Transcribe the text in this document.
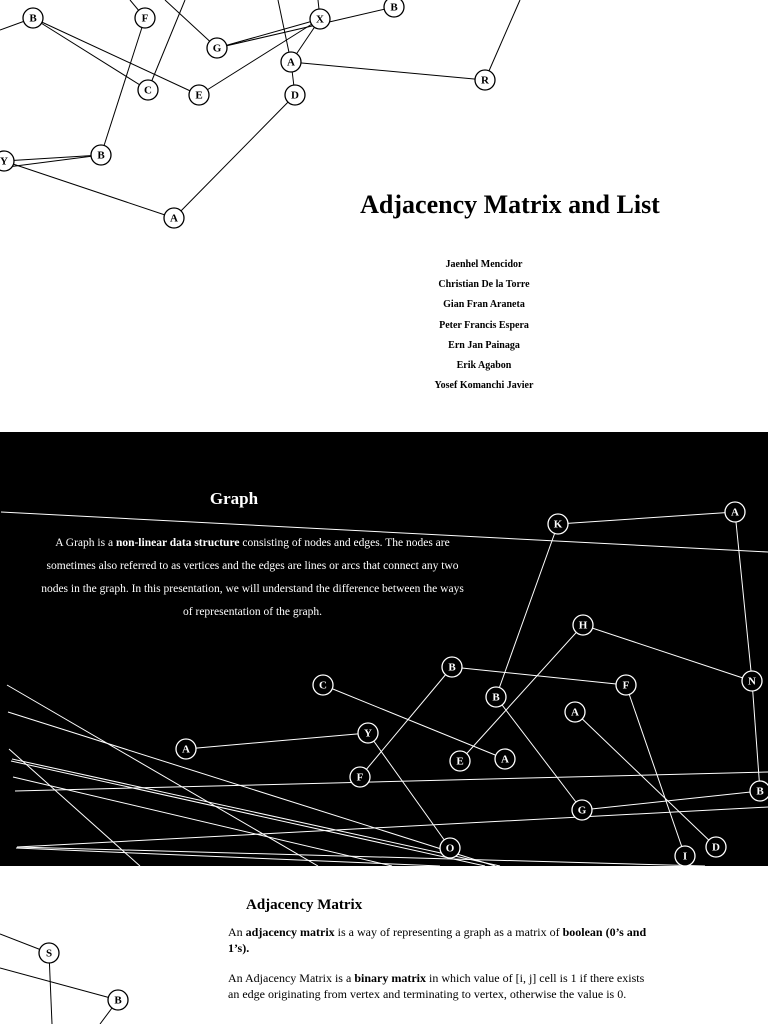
B	F
G
X
B
A
C	E	D
R
B
Y
A	Adjacency Matrix and List
Jaenhel Mencidor
Christian De la Torre
Gian Fran Araneta
Peter Francis Espera
Ern Jan Painaga
Erik Agabon
Yosef Komanchi Javier
K
A
H
B
F	N
B
C
A
A
Y
E	A
F
G
B
O	D
I
Graph

A Graph is a non-linear data structure consisting of nodes and edges. The nodes are sometimes also referred to as vertices and the edges are lines or arcs that connect any two nodes in the graph. In this presentation, we will understand the difference between the ways of representation of the graph.

S
B
Adjacency Matrix

An adjacency matrix is a way of representing a graph as a matrix of boolean (0’s and 1’s).

An Adjacency Matrix is a binary matrix in which value of [i, j] cell is 1 if there exists an edge originating from vertex and terminating to vertex, otherwise the value is 0.
